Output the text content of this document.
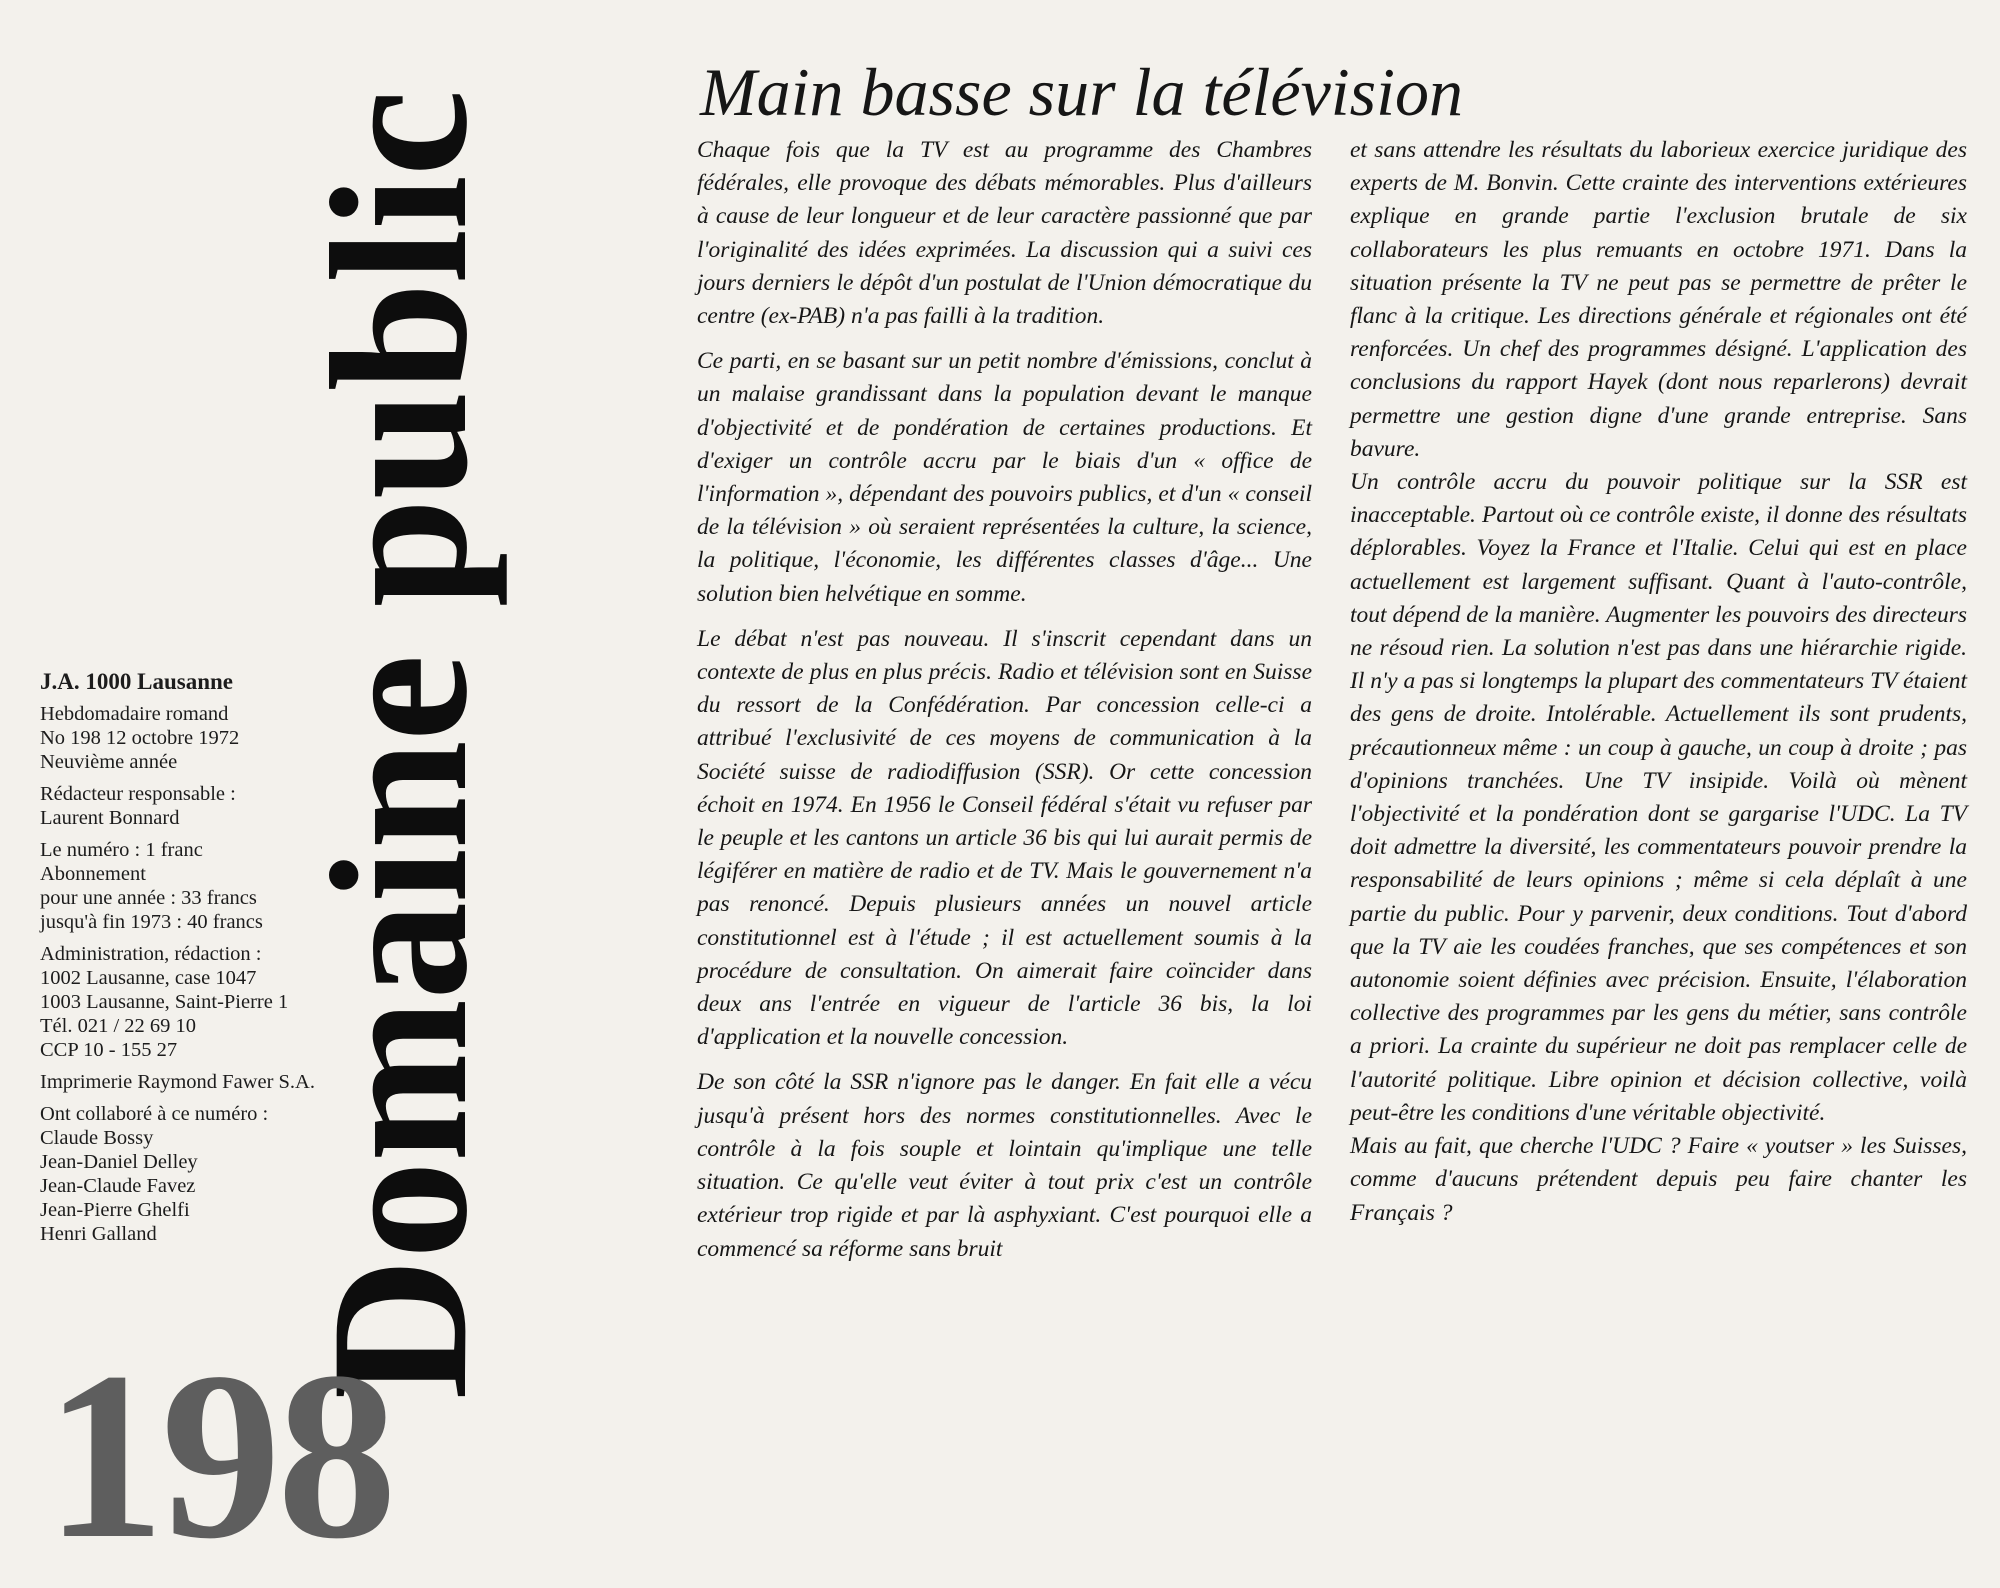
Domaine public
J.A. 1000 Lausanne
Hebdomadaire romand
No 198 12 octobre 1972
Neuvième année
Rédacteur responsable :
Laurent Bonnard
Le numéro : 1 franc
Abonnement
pour une année : 33 francs
jusqu'à fin 1973 : 40 francs
Administration, rédaction :
1002 Lausanne, case 1047
1003 Lausanne, Saint-Pierre 1
Tél. 021 / 22 69 10
CCP 10 - 155 27
Imprimerie Raymond Fawer S.A.
Ont collaboré à ce numéro :
Claude Bossy
Jean-Daniel Delley
Jean-Claude Favez
Jean-Pierre Ghelfi
Henri Galland
198
Main basse sur la télévision

Chaque fois que la TV est au programme des Chambres fédérales, elle provoque des débats mémorables. Plus d'ailleurs à cause de leur longueur et de leur caractère passionné que par l'originalité des idées exprimées. La discussion qui a suivi ces jours derniers le dépôt d'un postulat de l'Union démocratique du centre (ex-PAB) n'a pas failli à la tradition.

Ce parti, en se basant sur un petit nombre d'émissions, conclut à un malaise grandissant dans la population devant le manque d'objectivité et de pondération de certaines productions. Et d'exiger un contrôle accru par le biais d'un « office de l'information », dépendant des pouvoirs publics, et d'un « conseil de la télévision » où seraient représentées la culture, la science, la politique, l'économie, les différentes classes d'âge... Une solution bien helvétique en somme.

Le débat n'est pas nouveau. Il s'inscrit cependant dans un contexte de plus en plus précis. Radio et télévision sont en Suisse du ressort de la Confédération. Par concession celle-ci a attribué l'exclusivité de ces moyens de communication à la Société suisse de radiodiffusion (SSR). Or cette concession échoit en 1974. En 1956 le Conseil fédéral s'était vu refuser par le peuple et les cantons un article 36 bis qui lui aurait permis de légiférer en matière de radio et de TV. Mais le gouvernement n'a pas renoncé. Depuis plusieurs années un nouvel article constitutionnel est à l'étude ; il est actuellement soumis à la procédure de consultation. On aimerait faire coïncider dans deux ans l'entrée en vigueur de l'article 36 bis, la loi d'application et la nouvelle concession.

De son côté la SSR n'ignore pas le danger. En fait elle a vécu jusqu'à présent hors des normes constitutionnelles. Avec le contrôle à la fois souple et lointain qu'implique une telle situation. Ce qu'elle veut éviter à tout prix c'est un contrôle extérieur trop rigide et par là asphyxiant. C'est pourquoi elle a commencé sa réforme sans bruit

et sans attendre les résultats du laborieux exercice juridique des experts de M. Bonvin. Cette crainte des interventions extérieures explique en grande partie l'exclusion brutale de six collaborateurs les plus remuants en octobre 1971. Dans la situation présente la TV ne peut pas se permettre de prêter le flanc à la critique. Les directions générale et régionales ont été renforcées. Un chef des programmes désigné. L'application des conclusions du rapport Hayek (dont nous reparlerons) devrait permettre une gestion digne d'une grande entreprise. Sans bavure.

Un contrôle accru du pouvoir politique sur la SSR est inacceptable. Partout où ce contrôle existe, il donne des résultats déplorables. Voyez la France et l'Italie. Celui qui est en place actuellement est largement suffisant. Quant à l'auto-contrôle, tout dépend de la manière. Augmenter les pouvoirs des directeurs ne résoud rien. La solution n'est pas dans une hiérarchie rigide. Il n'y a pas si longtemps la plupart des commentateurs TV étaient des gens de droite. Intolérable. Actuellement ils sont prudents, précautionneux même : un coup à gauche, un coup à droite ; pas d'opinions tranchées. Une TV insipide. Voilà où mènent l'objectivité et la pondération dont se gargarise l'UDC. La TV doit admettre la diversité, les commentateurs pouvoir prendre la responsabilité de leurs opinions ; même si cela déplaît à une partie du public. Pour y parvenir, deux conditions. Tout d'abord que la TV aie les coudées franches, que ses compétences et son autonomie soient définies avec précision. Ensuite, l'élaboration collective des programmes par les gens du métier, sans contrôle a priori. La crainte du supérieur ne doit pas remplacer celle de l'autorité politique. Libre opinion et décision collective, voilà peut-être les conditions d'une véritable objectivité.

Mais au fait, que cherche l'UDC ? Faire « youtser » les Suisses, comme d'aucuns prétendent depuis peu faire chanter les Français ?
